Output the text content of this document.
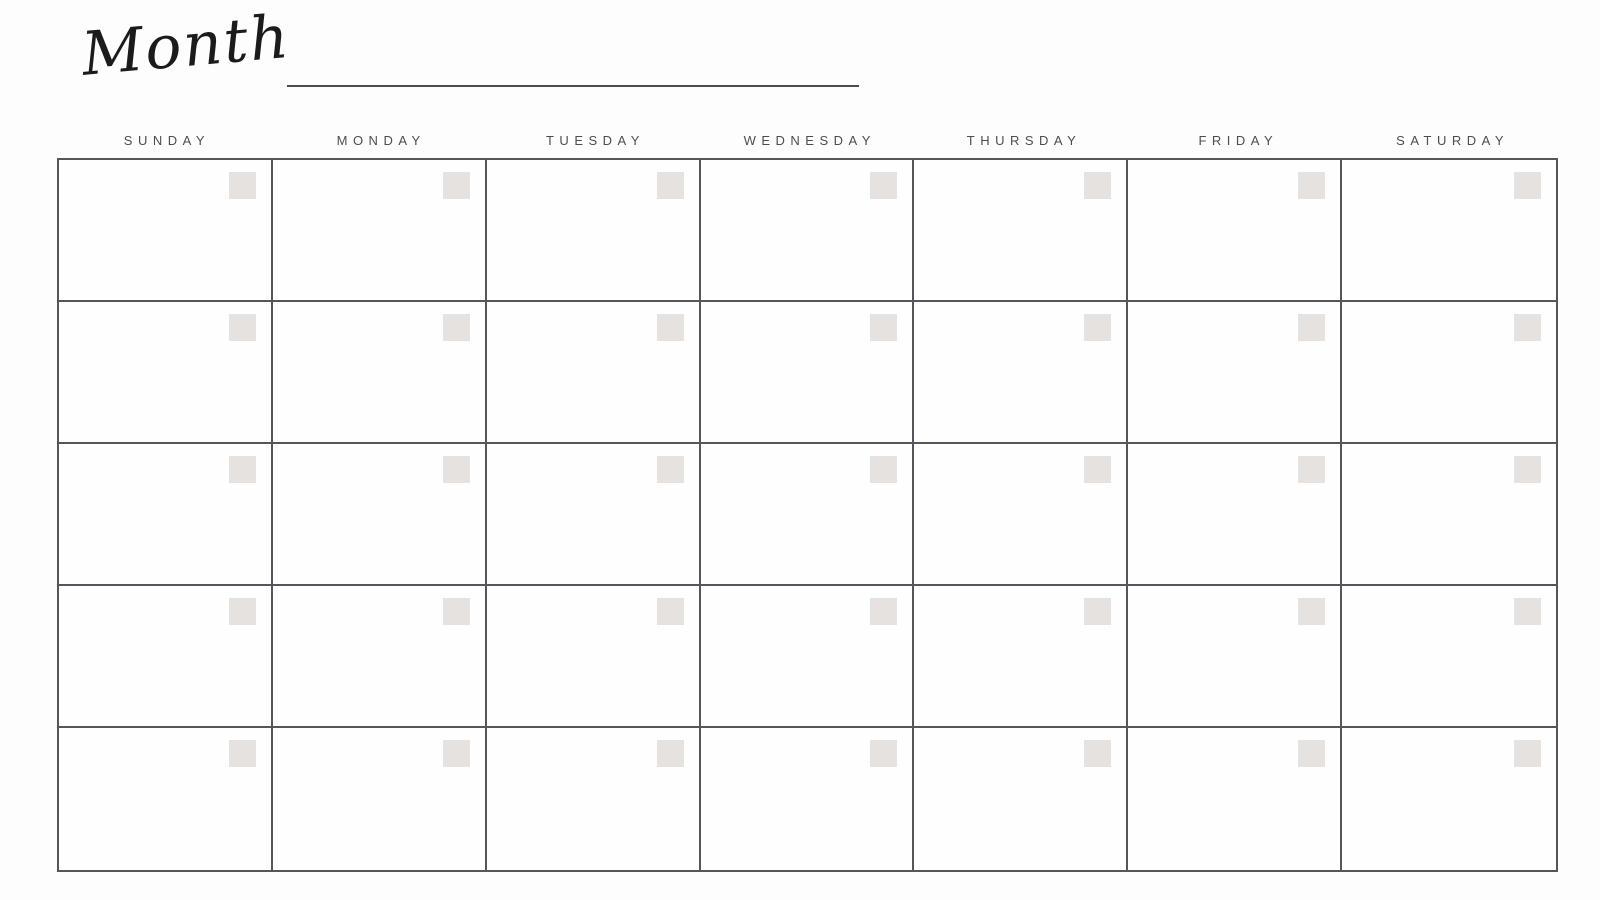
Month
SUNDAY	MONDAY	TUESDAY	WEDNESDAY	THURSDAY	FRIDAY	SATURDAY
